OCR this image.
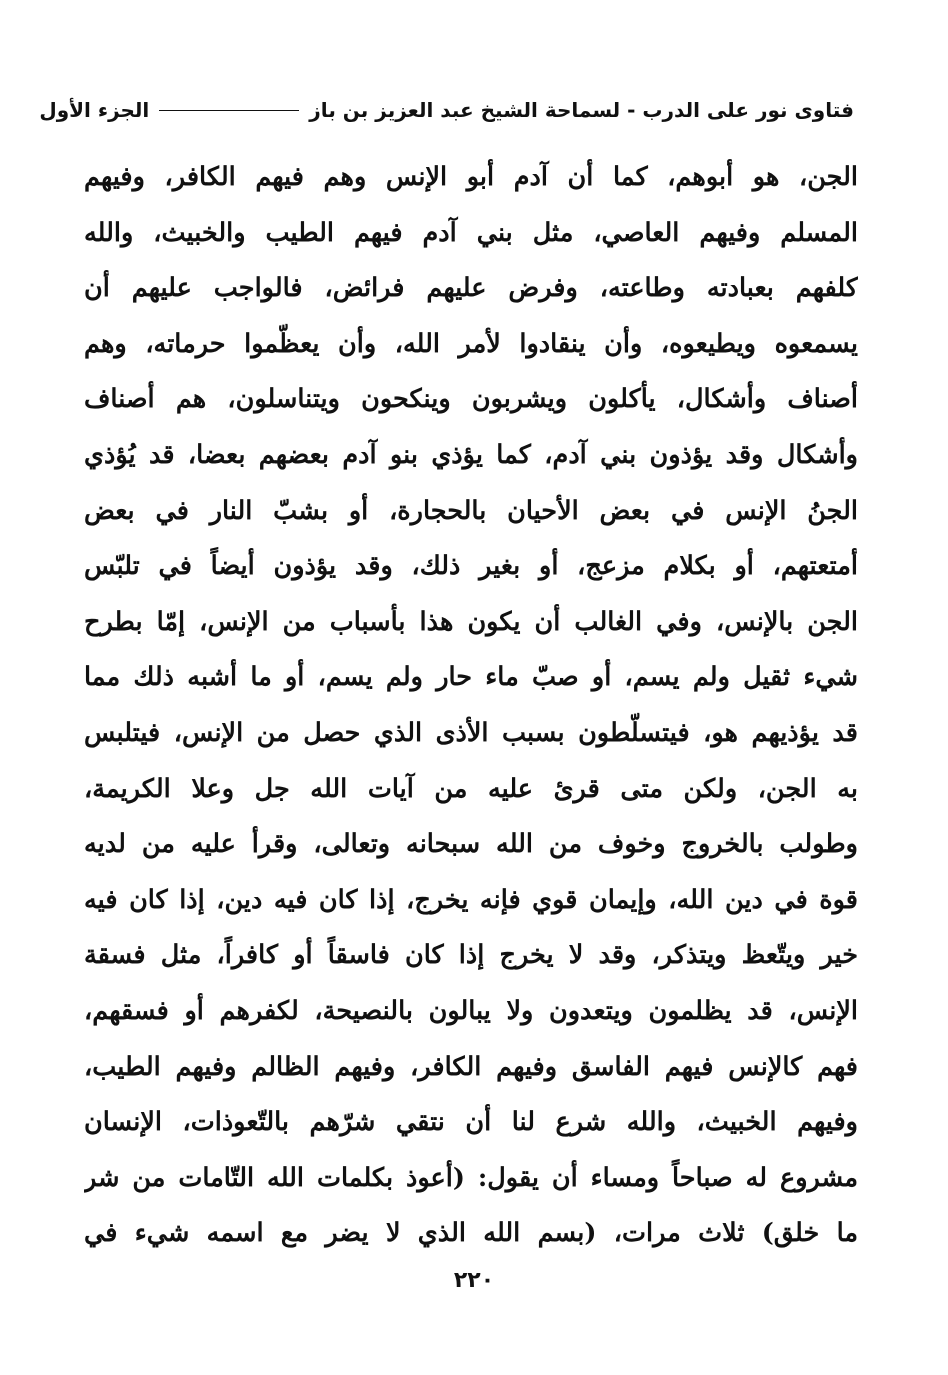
فتاوى نور على الدرب - لسماحة الشيخ عبد العزيز بن باز
الجزء الأول
الجن، هو أبوهم، كما أن آدم أبو الإنس وهم فيهم الكافر، وفيهم
المسلم وفيهم العاصي، مثل بني آدم فيهم الطيب والخبيث، والله
كلفهم بعبادته وطاعته، وفرض عليهم فرائض، فالواجب عليهم أن
يسمعوه ويطيعوه، وأن ينقادوا لأمر الله، وأن يعظّموا حرماته، وهم
أصناف وأشكال، يأكلون ويشربون وينكحون ويتناسلون، هم أصناف
وأشكال وقد يؤذون بني آدم، كما يؤذي بنو آدم بعضهم بعضا، قد يُؤذي
الجنُ الإنس في بعض الأحيان بالحجارة، أو بشبّ النار في بعض
أمتعتهم، أو بكلام مزعج، أو بغير ذلك، وقد يؤذون أيضاً في تلبّس
الجن بالإنس، وفي الغالب أن يكون هذا بأسباب من الإنس، إمّا بطرح
شيء ثقيل ولم يسم، أو صبّ ماء حار ولم يسم، أو ما أشبه ذلك مما
قد يؤذيهم هو، فيتسلّطون بسبب الأذى الذي حصل من الإنس، فيتلبس
به الجن، ولكن متى قرئ عليه من آيات الله جل وعلا الكريمة،
وطولب بالخروج وخوف من الله سبحانه وتعالى، وقرأ عليه من لديه
قوة في دين الله، وإيمان قوي فإنه يخرج، إذا كان فيه دين، إذا كان فيه
خير ويتّعظ ويتذكر، وقد لا يخرج إذا كان فاسقاً أو كافراً، مثل فسقة
الإنس، قد يظلمون ويتعدون ولا يبالون بالنصيحة، لكفرهم أو فسقهم،
فهم كالإنس فيهم الفاسق وفيهم الكافر، وفيهم الظالم وفيهم الطيب،
وفيهم الخبيث، والله شرع لنا أن نتقي شرّهم بالتّعوذات، الإنسان
مشروع له صباحاً ومساء أن يقول: (أعوذ بكلمات الله التّامات من شر
ما خلق) ثلاث مرات، (بسم الله الذي لا يضر مع اسمه شيء في
٢٢٠
